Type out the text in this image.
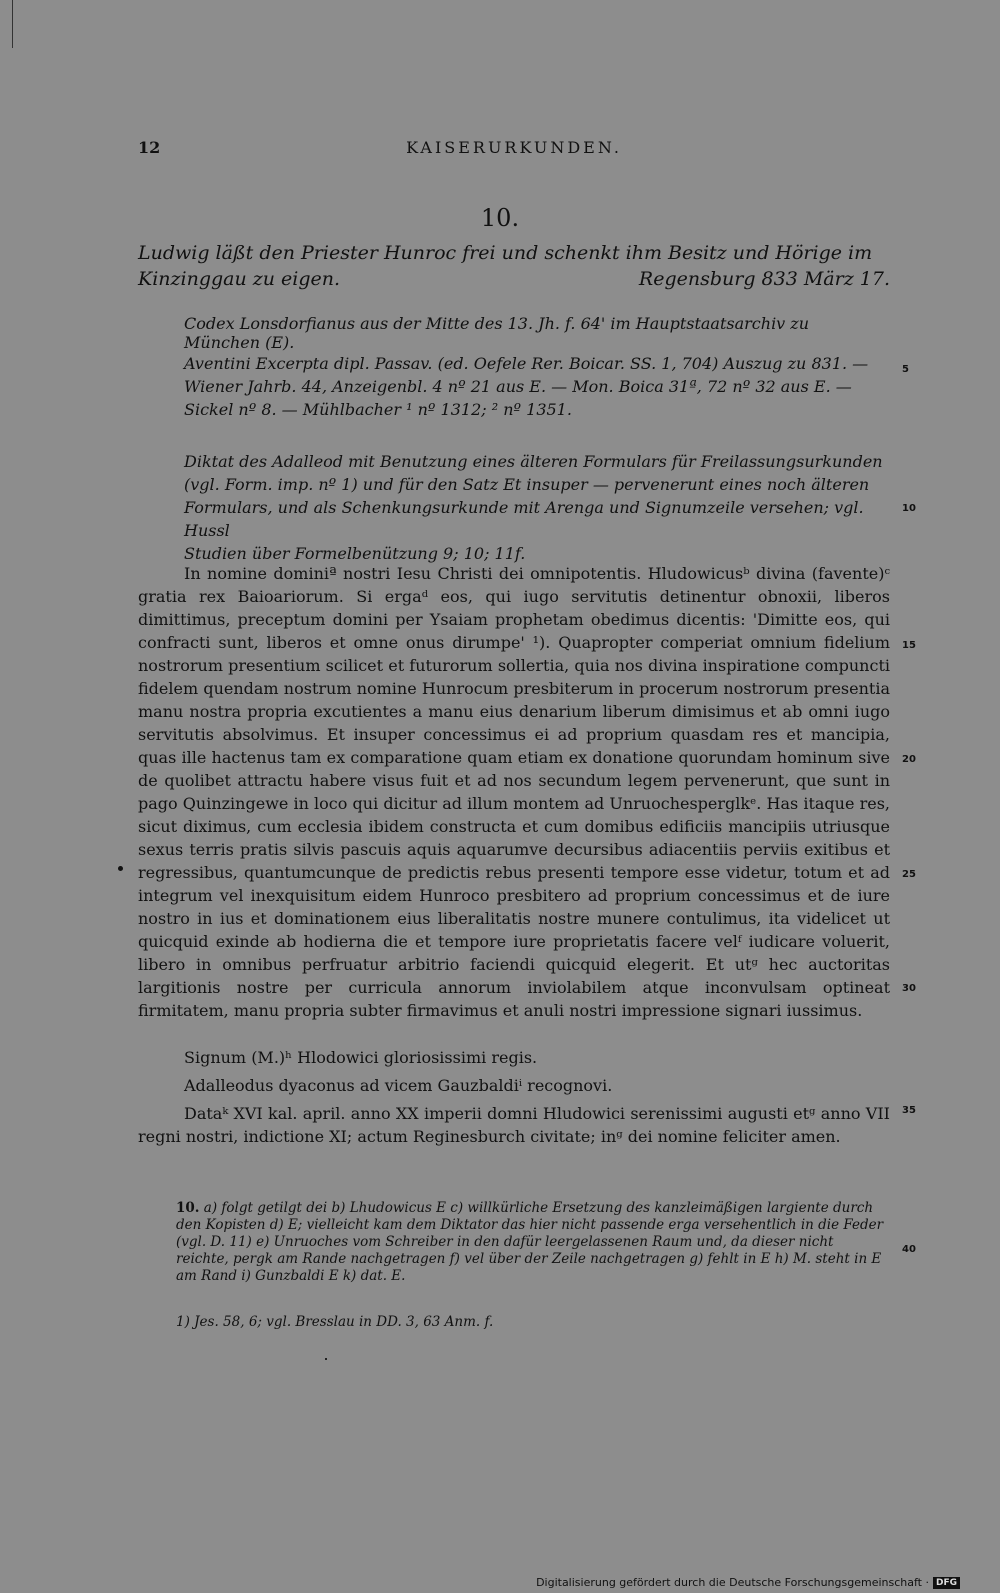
12	KAISERURKUNDEN.
10.
Ludwig läßt den Priester Hunroc frei und schenkt ihm Besitz und Hörige im Kinzinggau zu eigen.	Regensburg 833 März 17.
Codex Lonsdorfianus aus der Mitte des 13. Jh. f. 64' im Hauptstaatsarchiv zu München (E).
Aventini Excerpta dipl. Passav. (ed. Oefele Rer. Boicar. SS. 1, 704) Auszug zu 831. —
Wiener Jahrb. 44, Anzeigenbl. 4 nº 21 aus E. — Mon. Boica 31ª, 72 nº 32 aus E. —
Sickel nº 8. — Mühlbacher ¹ nº 1312; ² nº 1351.
Diktat des Adalleod mit Benutzung eines älteren Formulars für Freilassungsurkunden
(vgl. Form. imp. nº 1) und für den Satz Et insuper — pervenerunt eines noch älteren
Formulars, und als Schenkungsurkunde mit Arenga und Signumzeile versehen; vgl. Hussl
Studien über Formelbenützung 9; 10; 11f.

In nomine dominiª nostri Iesu Christi dei omnipotentis. Hludowicusᵇ divina (favente)ᶜ gratia rex Baioariorum. Si ergaᵈ eos, qui iugo servitutis detinentur obnoxii, liberos dimittimus, preceptum domini per Ysaiam prophetam obedimus dicentis: 'Dimitte eos, qui confracti sunt, liberos et omne onus dirumpe' ¹). Quapropter comperiat omnium fidelium nostrorum presentium scilicet et futurorum sollertia, quia nos divina inspiratione compuncti fidelem quendam nostrum nomine Hunrocum presbiterum in procerum nostrorum presentia manu nostra propria excutientes a manu eius denarium liberum dimisimus et ab omni iugo servitutis absolvimus. Et insuper concessimus ei ad proprium quasdam res et mancipia, quas ille hactenus tam ex comparatione quam etiam ex donatione quorundam hominum sive de quolibet attractu habere visus fuit et ad nos secundum legem pervenerunt, que sunt in pago Quinzingewe in loco qui dicitur ad illum montem ad Unruochesperglkᵉ. Has itaque res, sicut diximus, cum ecclesia ibidem constructa et cum domibus edificiis mancipiis utriusque sexus terris pratis silvis pascuis aquis aquarumve decursibus adiacentiis perviis exitibus et regressibus, quantumcunque de predictis rebus presenti tempore esse videtur, totum et ad integrum vel inexquisitum eidem Hunroco presbitero ad proprium concessimus et de iure nostro in ius et dominationem eius liberalitatis nostre munere contulimus, ita videlicet ut quicquid exinde ab hodierna die et tempore iure proprietatis facere velᶠ iudicare voluerit, libero in omnibus perfruatur arbitrio faciendi quicquid elegerit. Et utᵍ hec auctoritas largitionis nostre per curricula annorum inviolabilem atque inconvulsam optineat firmitatem, manu propria subter firmavimus et anuli nostri impressione signari iussimus.

Signum (M.)ʰ Hlodowici gloriosissimi regis.
Adalleodus dyaconus ad vicem Gauzbaldiⁱ recognovi.

Dataᵏ XVI kal. april. anno XX imperii domni Hludowici serenissimi augusti etᵍ anno VII regni nostri, indictione XI; actum Reginesburch civitate; inᵍ dei nomine feliciter amen.

10. a) folgt getilgt dei b) Lhudowicus E c) willkürliche Ersetzung des kanzleimäßigen largiente durch den Kopisten d) E; vielleicht kam dem Diktator das hier nicht passende erga versehentlich in die Feder (vgl. D. 11) e) Unruoches vom Schreiber in den dafür leergelassenen Raum und, da dieser nicht reichte, pergk am Rande nachgetragen f) vel über der Zeile nachgetragen g) fehlt in E h) M. steht in E am Rand i) Gunzbaldi E k) dat. E.
1) Jes. 58, 6; vgl. Bresslau in DD. 3, 63 Anm. f.
5
10
15
20
25
30
35
40
Digitalisierung gefördert durch die Deutsche Forschungsgemeinschaft · DFG
